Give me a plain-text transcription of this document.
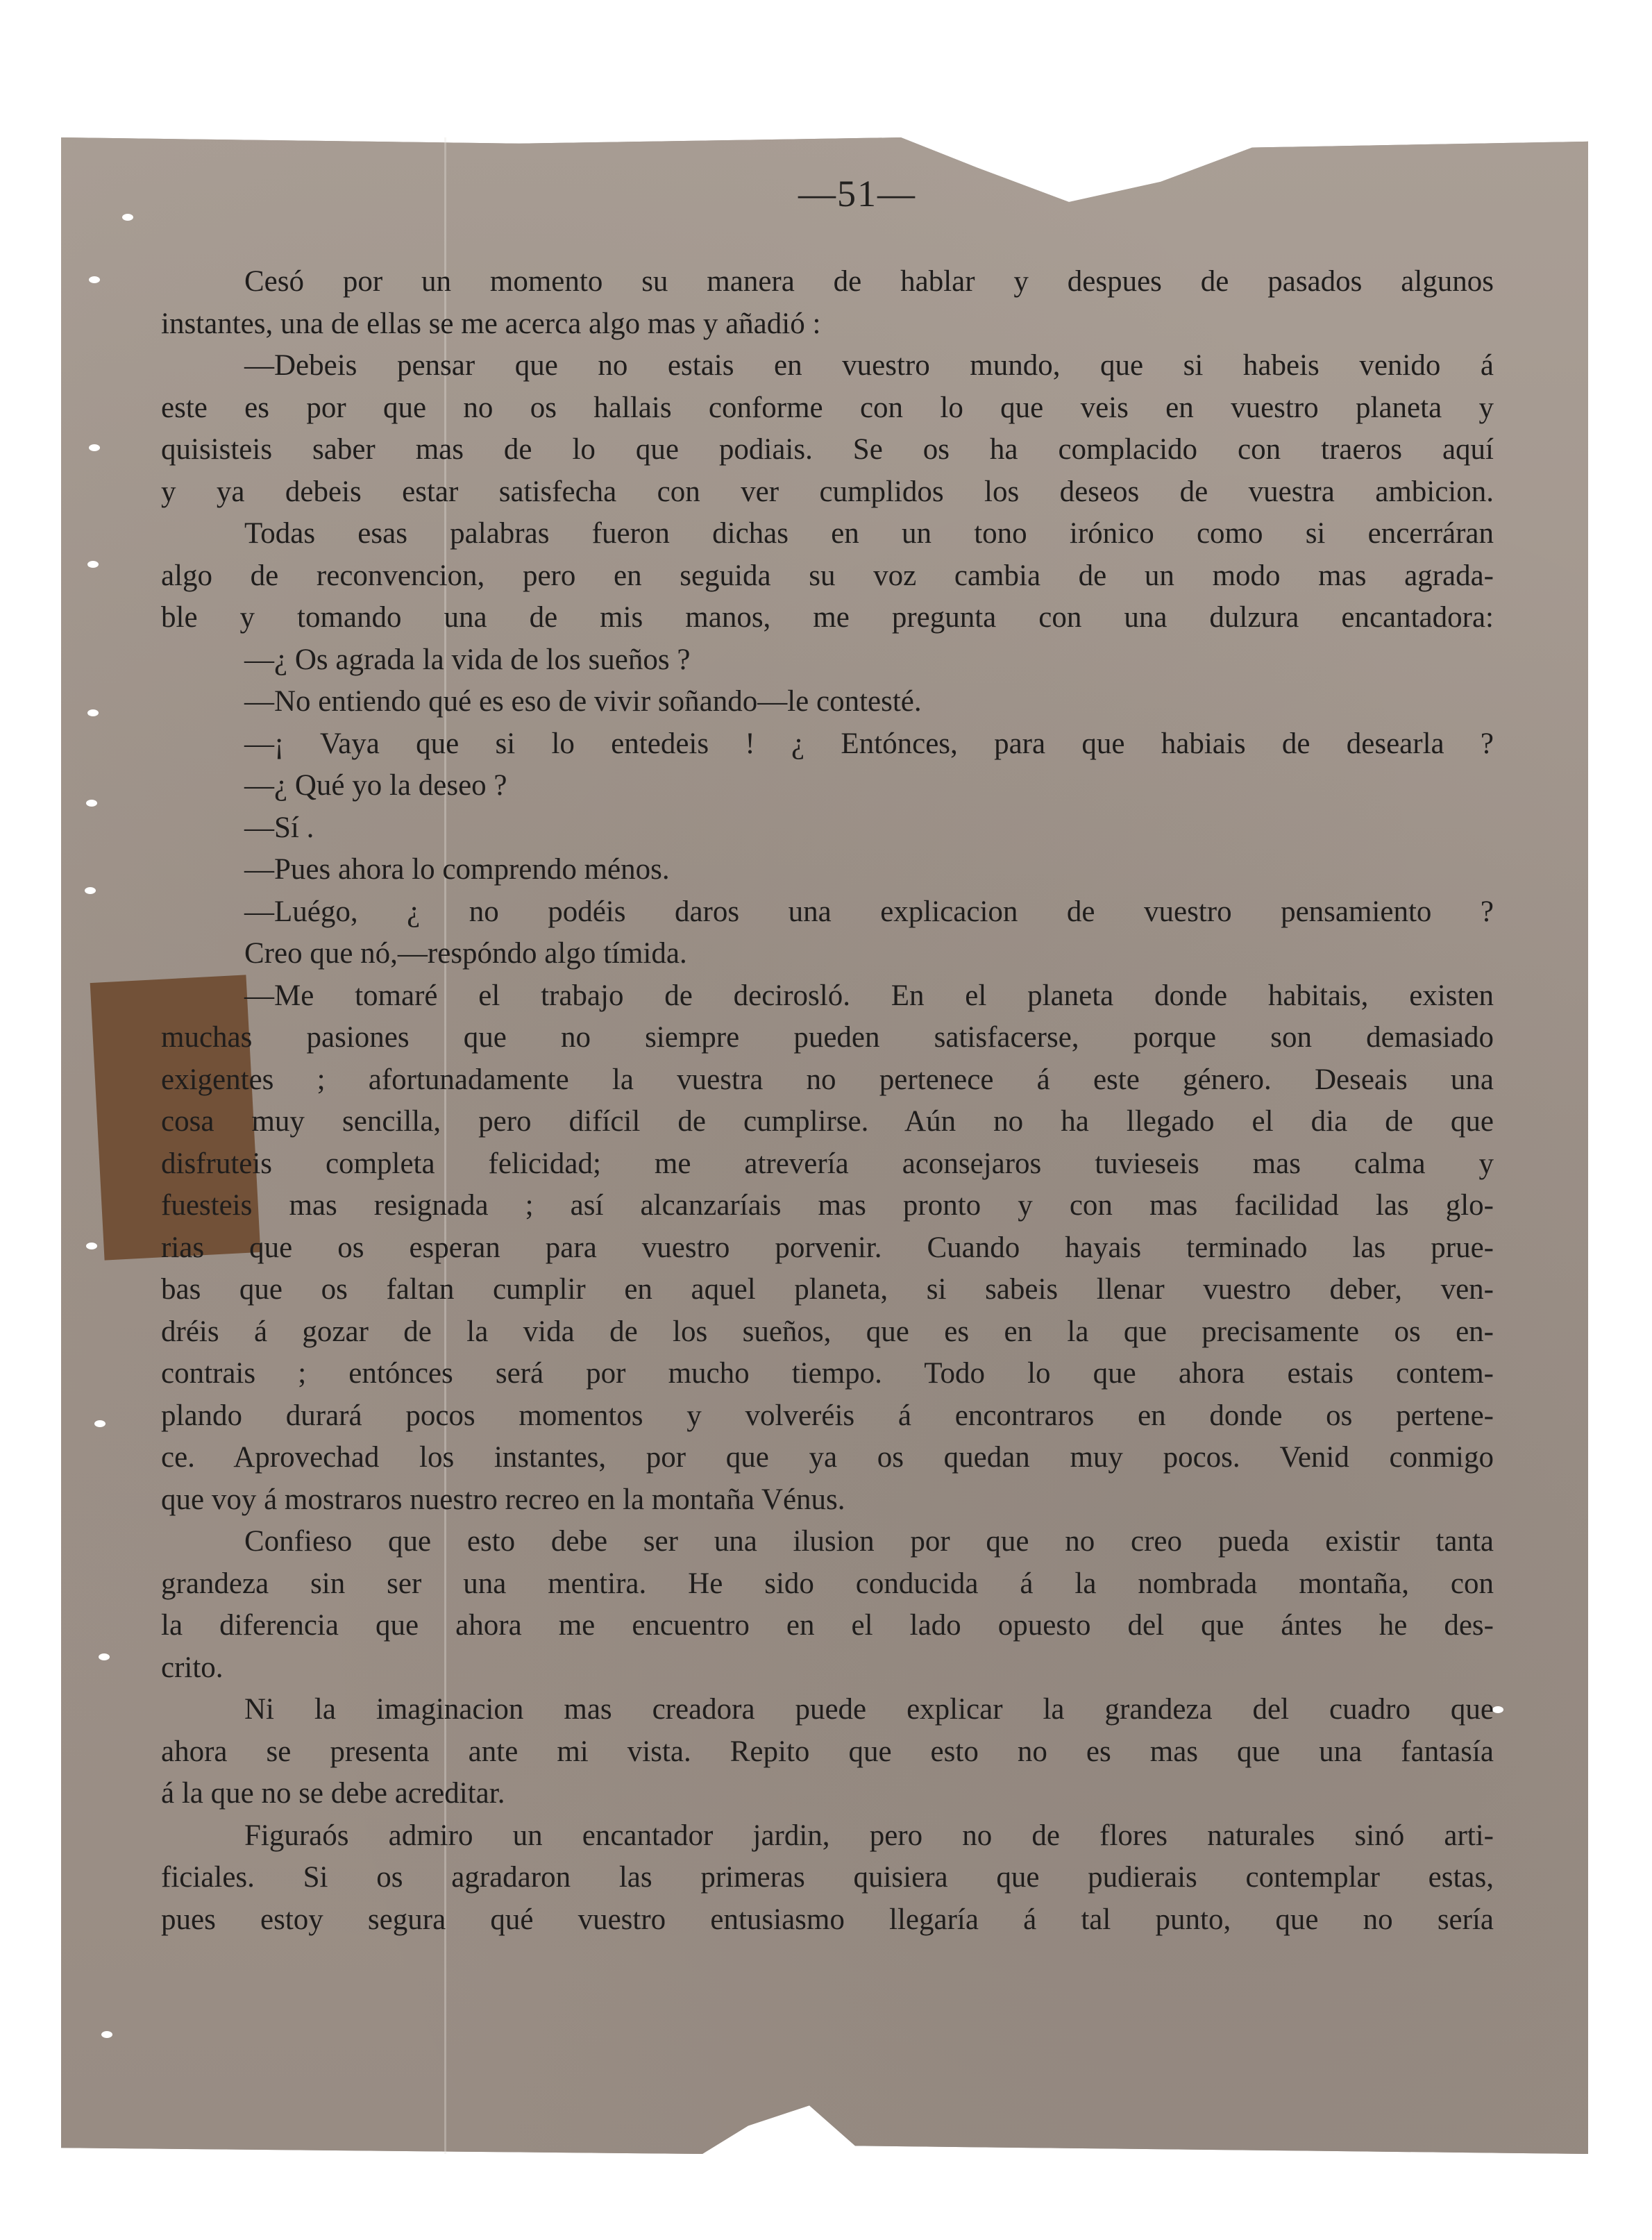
—51—
Cesó por un momento su manera de hablar y despues de pasados algunos
instantes, una de ellas se me acerca algo mas y añadió :
—Debeis pensar que no estais en vuestro mundo, que si habeis venido á
este es por que no os hallais conforme con lo que veis en vuestro planeta y
quisisteis saber mas de lo que podiais. Se os ha complacido con traeros aquí
y ya debeis estar satisfecha con ver cumplidos los deseos de vuestra ambicion.
Todas esas palabras fueron dichas en un tono irónico como si encerráran
algo de reconvencion, pero en seguida su voz cambia de un modo mas agrada-
ble y tomando una de mis manos, me pregunta con una dulzura encantadora:
—¿ Os agrada la vida de los sueños ?
—No entiendo qué es eso de vivir soñando—le contesté.
—¡ Vaya que si lo entedeis ! ¿ Entónces, para que habiais de desearla ?
—¿ Qué yo la deseo ?
—Sí .
—Pues ahora lo comprendo ménos.
—Luégo, ¿ no podéis daros una explicacion de vuestro pensamiento ?
Creo que nó,—respóndo algo tímida.
—Me tomaré el trabajo de decirosló. En el planeta donde habitais, existen
muchas pasiones que no siempre pueden satisfacerse, porque son demasiado
exigentes ; afortunadamente la vuestra no pertenece á este género. Deseais una
cosa muy sencilla, pero difícil de cumplirse. Aún no ha llegado el dia de que
disfruteis completa felicidad; me atrevería aconsejaros tuvieseis mas calma y
fuesteis mas resignada ; así alcanzaríais mas pronto y con mas facilidad las glo-
rias que os esperan para vuestro porvenir. Cuando hayais terminado las prue-
bas que os faltan cumplir en aquel planeta, si sabeis llenar vuestro deber, ven-
dréis á gozar de la vida de los sueños, que es en la que precisamente os en-
contrais ; entónces será por mucho tiempo. Todo lo que ahora estais contem-
plando durará pocos momentos y volveréis á encontraros en donde os pertene-
ce. Aprovechad los instantes, por que ya os quedan muy pocos. Venid conmigo
que voy á mostraros nuestro recreo en la montaña Vénus.
Confieso que esto debe ser una ilusion por que no creo pueda existir tanta
grandeza sin ser una mentira. He sido conducida á la nombrada montaña, con
la diferencia que ahora me encuentro en el lado opuesto del que ántes he des-
crito.
Ni la imaginacion mas creadora puede explicar la grandeza del cuadro que
ahora se presenta ante mi vista. Repito que esto no es mas que una fantasía
á la que no se debe acreditar.
Figuraós admiro un encantador jardin, pero no de flores naturales sinó arti-
ficiales. Si os agradaron las primeras quisiera que pudierais contemplar estas,
pues estoy segura qué vuestro entusiasmo llegaría á tal punto, que no sería
